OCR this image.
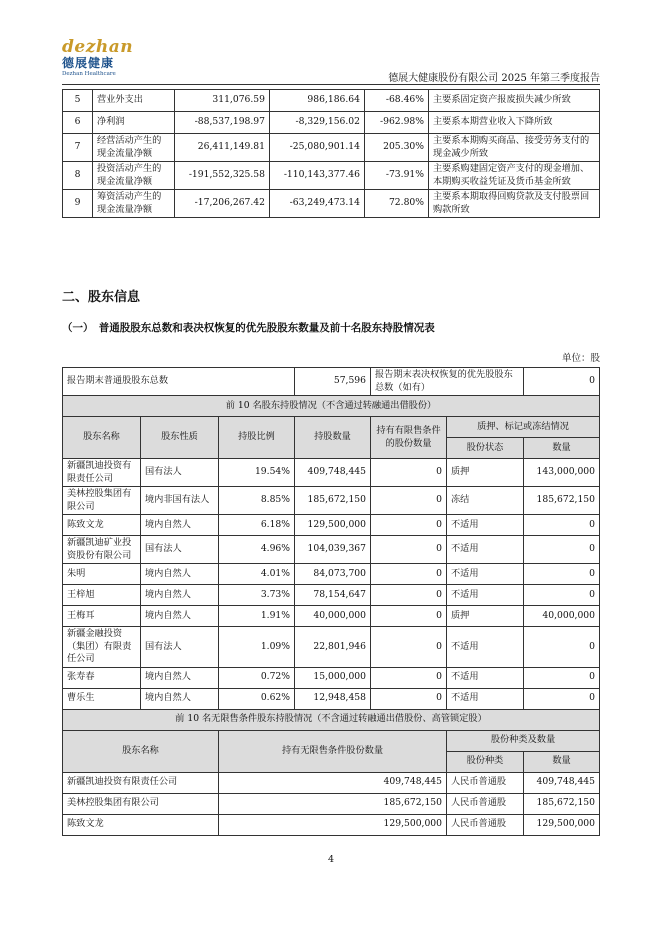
dezhan
德展健康
Dezhan Healthcare	德展大健康股份有限公司 2025 年第三季度报告
5	营业外支出	311,076.59	986,186.64	-68.46%	主要系固定资产报废损失减少所致
6	净利润	-88,537,198.97	-8,329,156.02	-962.98%	主要系本期营业收入下降所致
7	经营活动产生的现金流量净额	26,411,149.81	-25,080,901.14	205.30%	主要系本期购买商品、接受劳务支付的现金减少所致
8	投资活动产生的现金流量净额	-191,552,325.58	-110,143,377.46	-73.91%	主要系购建固定资产支付的现金增加、本期购买收益凭证及货币基金所致
9	筹资活动产生的现金流量净额	-17,206,267.42	-63,249,473.14	72.80%	主要系本期取得回购贷款及支付股票回购款所致
二、股东信息
（一）　普通股股东总数和表决权恢复的优先股股东数量及前十名股东持股情况表
单位：股
报告期末普通股股东总数			57,596	报告期末表决权恢复的优先股股东总数（如有）		0
前 10 名股东持股情况（不含通过转融通出借股份）						
股东名称	股东性质	持股比例	持股数量	持有有限售条件的股份数量	质押、标记或冻结情况	
					股份状态	数量
新疆凯迪投资有限责任公司	国有法人	19.54%	409,748,445	0	质押	143,000,000
美林控股集团有限公司	境内非国有法人	8.85%	185,672,150	0	冻结	185,672,150
陈致文龙	境内自然人	6.18%	129,500,000	0	不适用	0
新疆凯迪矿业投资股份有限公司	国有法人	4.96%	104,039,367	0	不适用	0
朱明	境内自然人	4.01%	84,073,700	0	不适用	0
王梓旭	境内自然人	3.73%	78,154,647	0	不适用	0
王梅耳	境内自然人	1.91%	40,000,000	0	质押	40,000,000
新疆金融投资（集团）有限责任公司	国有法人	1.09%	22,801,946	0	不适用	0
张寿春	境内自然人	0.72%	15,000,000	0	不适用	0
曹乐生	境内自然人	0.62%	12,948,458	0	不适用	0
前 10 名无限售条件股东持股情况（不含通过转融通出借股份、高管锁定股）						
股东名称		持有无限售条件股份数量			股份种类及数量	
					股份种类	数量
新疆凯迪投资有限责任公司		409,748,445			人民币普通股	409,748,445
美林控股集团有限公司		185,672,150			人民币普通股	185,672,150
陈致文龙		129,500,000			人民币普通股	129,500,000
4
